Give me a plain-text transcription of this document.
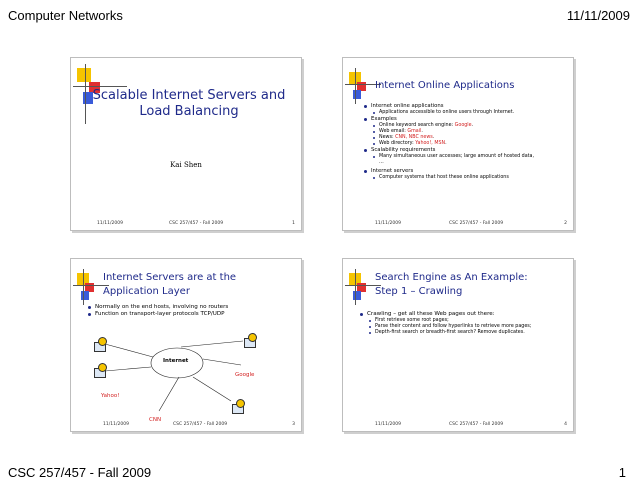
Computer Networks	11/11/2009
Scalable Internet Servers and Load Balancing
Kai Shen
11/11/2009	CSC 257/457 - Fall 2009	1
Internet Online Applications
Internet online applications
Applications accessible to online users through Internet.
Examples
Online keyword search engine: Google.
Web email: Gmail.
News: CNN, NBC news.
Web directory: Yahoo!, MSN.
Scalability requirements
Many simultaneous user accesses; large amount of hosted data, …
Internet servers
Computer systems that host these online applications
11/11/2009	CSC 257/457 - Fall 2009	2
Internet Servers are at the
Application Layer
Normally on the end hosts, involving no routers
Function on transport-layer protocols TCP/UDP
Internet
Google
Yahoo!
CNN
11/11/2009	CSC 257/457 - Fall 2009	3
Search Engine as An Example:
Step 1 – Crawling
Crawling – get all these Web pages out there:
First retrieve some root pages;
Parse their content and follow hyperlinks to retrieve more pages;
Depth-first search or breadth-first search? Remove duplicates.
11/11/2009	CSC 257/457 - Fall 2009	4
CSC 257/457 - Fall 2009	1
